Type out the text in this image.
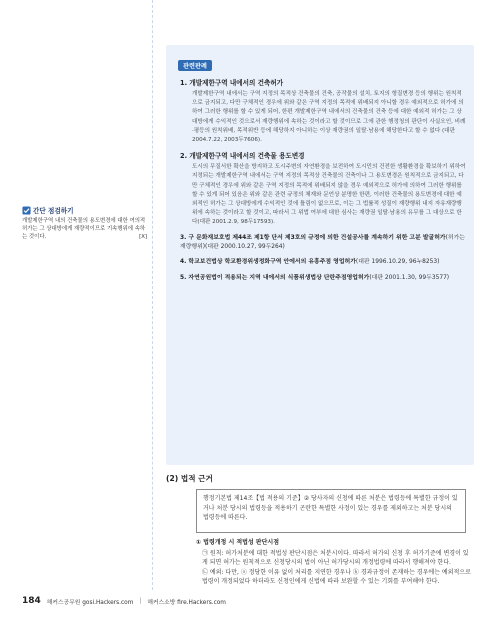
간단 점검하기
개발제한구역 내의 건축물의 용도변경에 대한 여의적 허가는 그 상대방에게 재량적이므로 기속행위에 속하는 것이다.	[X]
관련판례
1. 개발제한구역 내에서의 건축허가
개발제한구역 내에서는 구역 지정의 목적상 건축물의 건축, 공작물의 설치, 토지의 형질변경 등의 행위는 원칙적으로 금지되고, 다만 구체적인 경우에 위와 같은 구역 지정의 목적에 위배되지 아니할 경우 예외적으로 허가에 의하여 그러한 행위를 할 수 있게 되어, 한편 개발제한구역 내에서의 건축물의 건축 등에 대한 예외적 허가는 그 상대방에게 수익적인 것으로서 재량행위에 속하는 것이라고 할 것이므로 그에 관한 행정청의 판단이 사실오인, 비례·평등의 원칙위배, 목적위반 등에 해당하지 아니하는 이상 재량권의 일탈·남용에 해당한다고 할 수 없다 (대판 2004.7.22, 2003두7606).
2. 개발제한구역 내에서의 건축물 용도변경
도시의 무질서한 확산을 방지하고 도시주변의 자연환경을 보전하여 도시민의 건전한 생활환경을 확보하기 위하여 지정되는 개발제한구역 내에서는 구역 지정의 목적상 건축물의 건축이나 그 용도변경은 원칙적으로 금지되고, 다만 구체적인 경우에 위와 같은 구역 지정의 목적에 위배되지 않을 경우 예외적으로 허가에 의하여 그러한 행위를 할 수 있게 되어 있음은 위와 같은 관련 규정의 체재와 문언상 분명한 한편, 이러한 건축물의 용도변경에 대한 예외적인 허가는 그 상대방에게 수익적인 것에 틀림이 없으므로, 이는 그 법률적 성질이 재량행위 내지 자유재량행위에 속하는 것이라고 할 것이고, 따라서 그 위법 여부에 대한 심사는 재량권 일탈·남용의 유무를 그 대상으로 한다(대판 2001.2.9, 98두17593).
3. 구 문화재보호법 제44조 제1항 단서 제3호의 규정에 의한 건설공사를 계속하기 위한 고분 발굴허가(허가는 재량행위)(대판 2000.10.27, 99두264)
4. 학교보건법상 학교환경위생정화구역 안에서의 유흥주점 영업허가(대판 1996.10.29, 96누8253)
5. 자연공원법이 적용되는 지역 내에서의 식품위생법상 단란주점영업허가(대판 2001.1.30, 99두3577)
(2) 법적 근거
행정기본법 제14조【법 적용의 기준】② 당사자의 신청에 따른 처분은 법령등에 특별한 규정이 있거나 처분 당시의 법령등을 적용하기 곤란한 특별한 사정이 있는 경우를 제외하고는 처분 당시의 법령등에 따른다.
① 법령개정 시 적법성 판단시점
㉠ 원칙: 허가처분에 대한 적법성 판단시점은 처분시이다. 따라서 허가의 신청 후 허가기준에 변경이 있게 되면 허가는 원칙적으로 신청당시의 법이 아닌 허가당시의 개정법령에 따라서 행해져야 한다.
㉡ 예외: 다만, ⓐ 정당한 이유 없이 처리를 지연한 경우나 ⓑ 경과규정이 존재하는 경우에는 예외적으로 법령이 개정되었다 하더라도 신청인에게 신법에 따라 보완할 수 있는 기회를 부여해야 한다.
184 해커스공무원 gosi.Hackers.com | 해커스소방 fire.Hackers.com
